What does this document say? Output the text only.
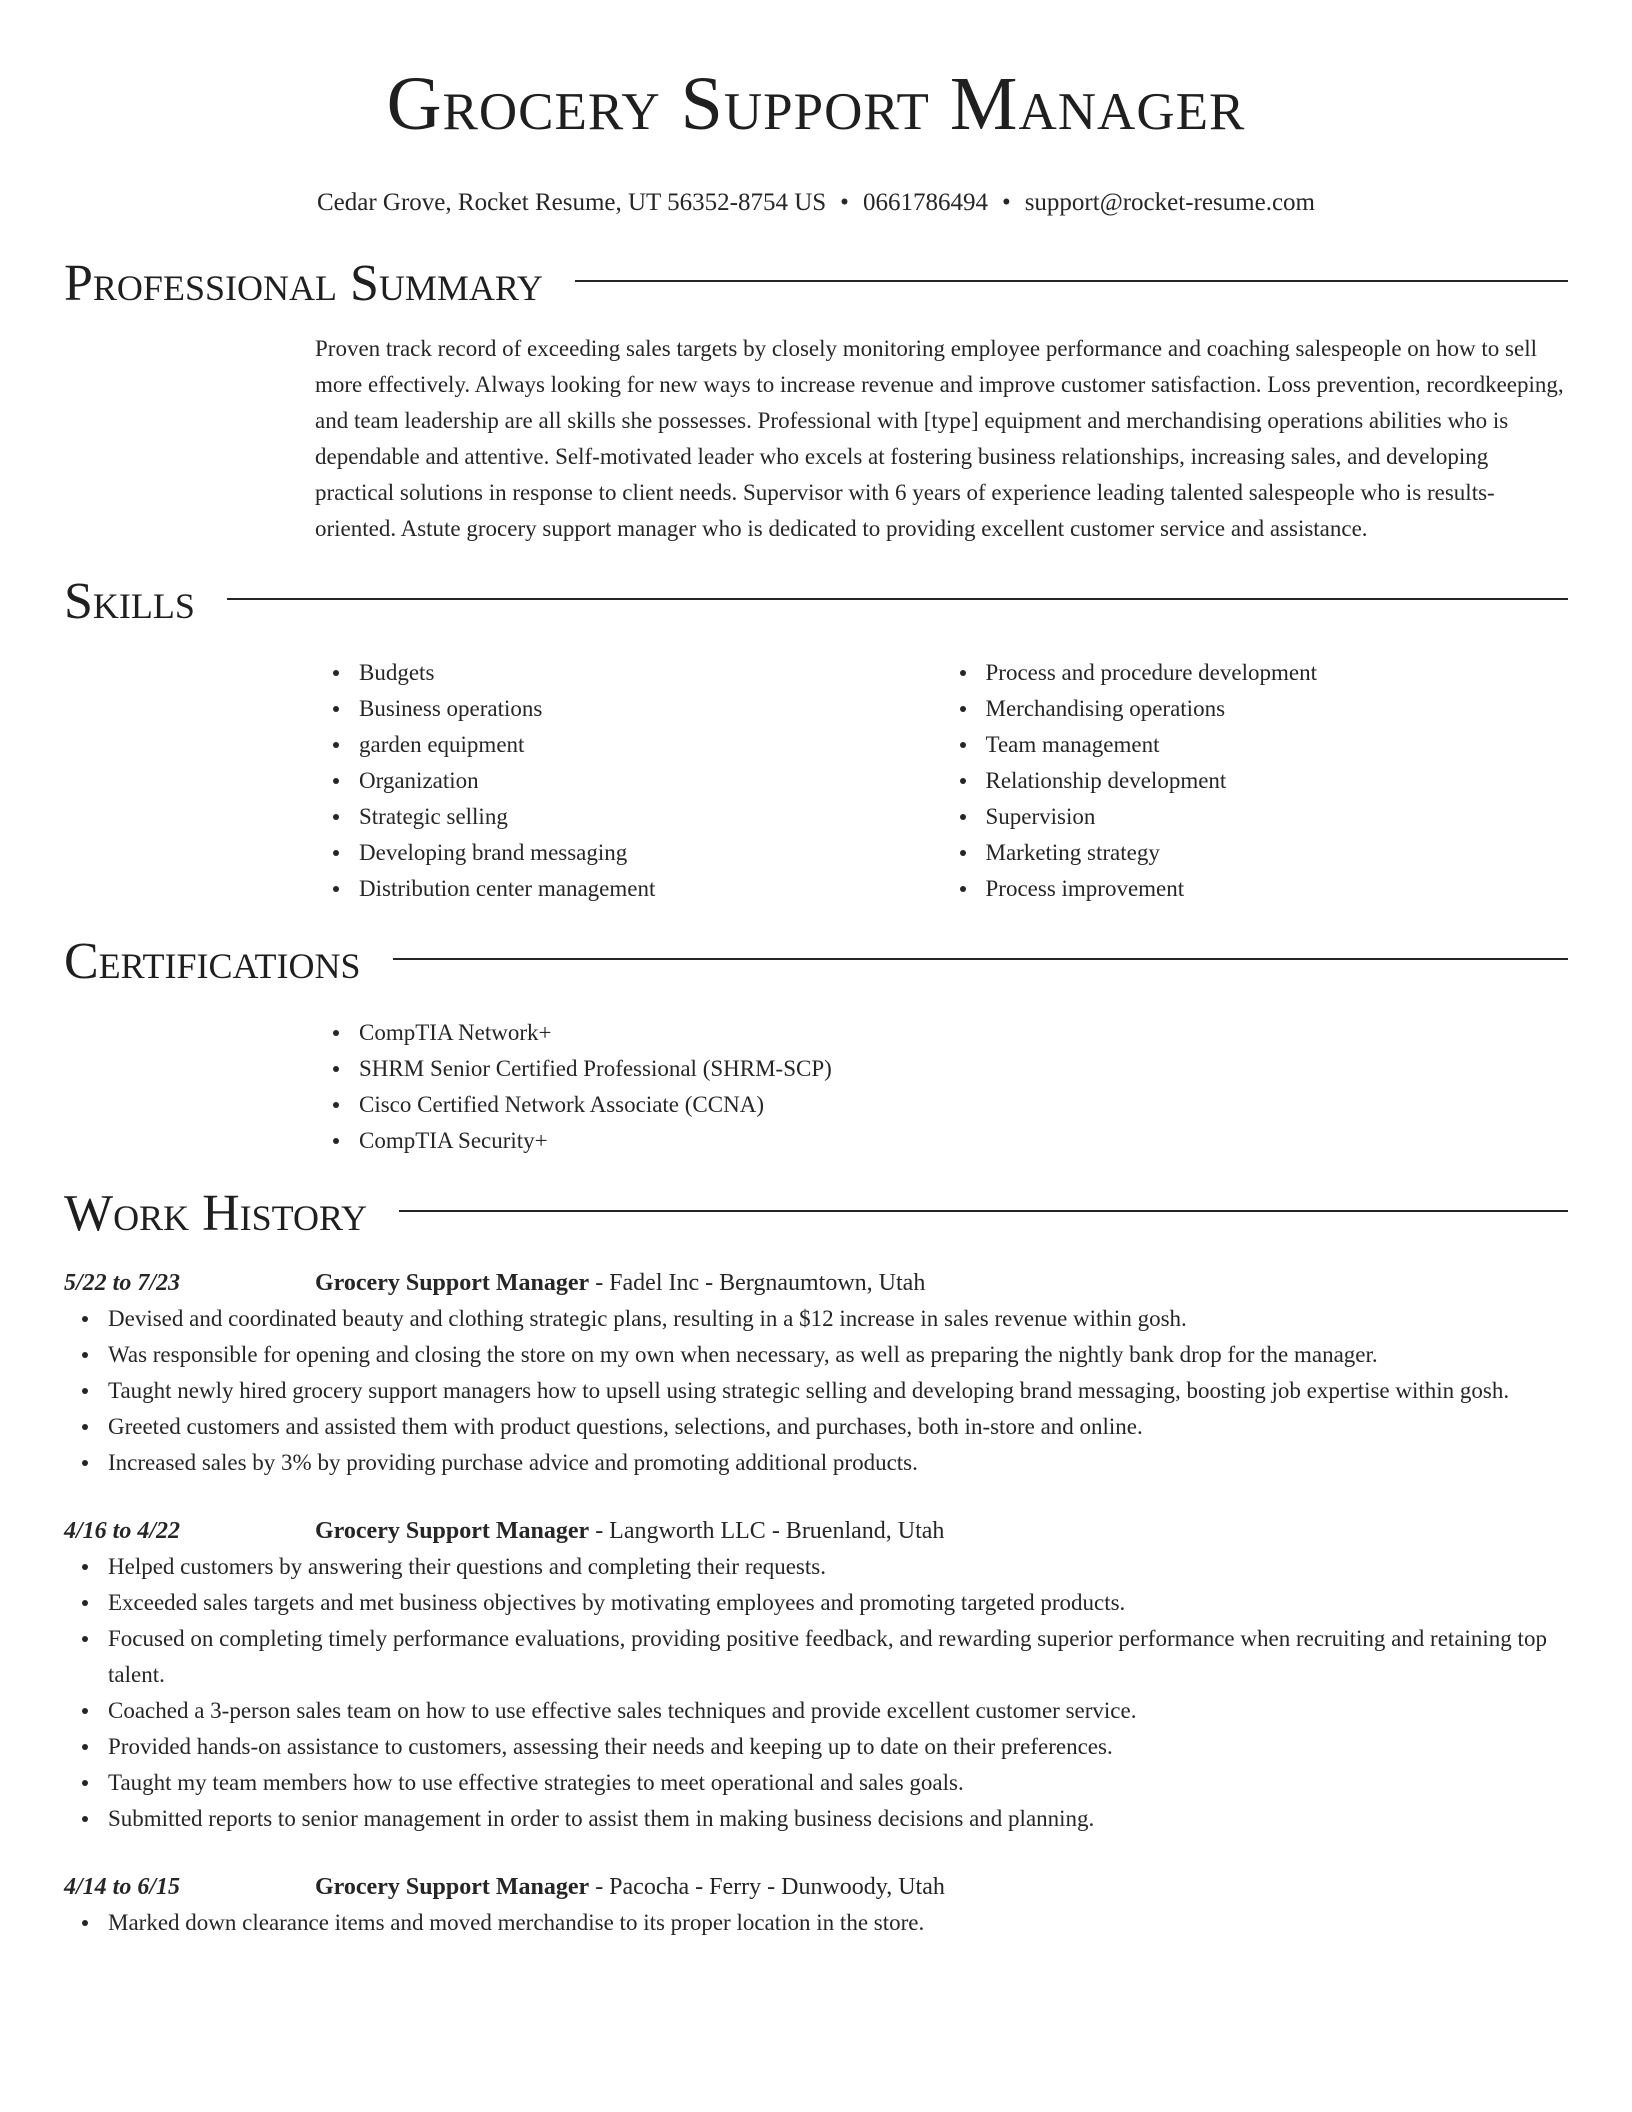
Grocery Support Manager
Cedar Grove, Rocket Resume, UT 56352-8754 US • 0661786494 • support@rocket-resume.com
Professional Summary

Proven track record of exceeding sales targets by closely monitoring employee performance and coaching salespeople on how to sell more effectively. Always looking for new ways to increase revenue and improve customer satisfaction. Loss prevention, recordkeeping, and team leadership are all skills she possesses. Professional with [type] equipment and merchandising operations abilities who is dependable and attentive. Self-motivated leader who excels at fostering business relationships, increasing sales, and developing practical solutions in response to client needs. Supervisor with 6 years of experience leading talented salespeople who is results-oriented. Astute grocery support manager who is dedicated to providing excellent customer service and assistance.

Skills
Budgets
Business operations
garden equipment
Organization
Strategic selling
Developing brand messaging
Distribution center management
Process and procedure development
Merchandising operations
Team management
Relationship development
Supervision
Marketing strategy
Process improvement
Certifications
CompTIA Network+
SHRM Senior Certified Professional (SHRM-SCP)
Cisco Certified Network Associate (CCNA)
CompTIA Security+
Work History
5/22 to 7/23	Grocery Support Manager - Fadel Inc - Bergnaumtown, Utah
Devised and coordinated beauty and clothing strategic plans, resulting in a $12 increase in sales revenue within gosh.
Was responsible for opening and closing the store on my own when necessary, as well as preparing the nightly bank drop for the manager.
Taught newly hired grocery support managers how to upsell using strategic selling and developing brand messaging, boosting job expertise within gosh.
Greeted customers and assisted them with product questions, selections, and purchases, both in-store and online.
Increased sales by 3% by providing purchase advice and promoting additional products.
4/16 to 4/22	Grocery Support Manager - Langworth LLC - Bruenland, Utah
Helped customers by answering their questions and completing their requests.
Exceeded sales targets and met business objectives by motivating employees and promoting targeted products.
Focused on completing timely performance evaluations, providing positive feedback, and rewarding superior performance when recruiting and retaining top talent.
Coached a 3-person sales team on how to use effective sales techniques and provide excellent customer service.
Provided hands-on assistance to customers, assessing their needs and keeping up to date on their preferences.
Taught my team members how to use effective strategies to meet operational and sales goals.
Submitted reports to senior management in order to assist them in making business decisions and planning.
4/14 to 6/15	Grocery Support Manager - Pacocha - Ferry - Dunwoody, Utah
Marked down clearance items and moved merchandise to its proper location in the store.
